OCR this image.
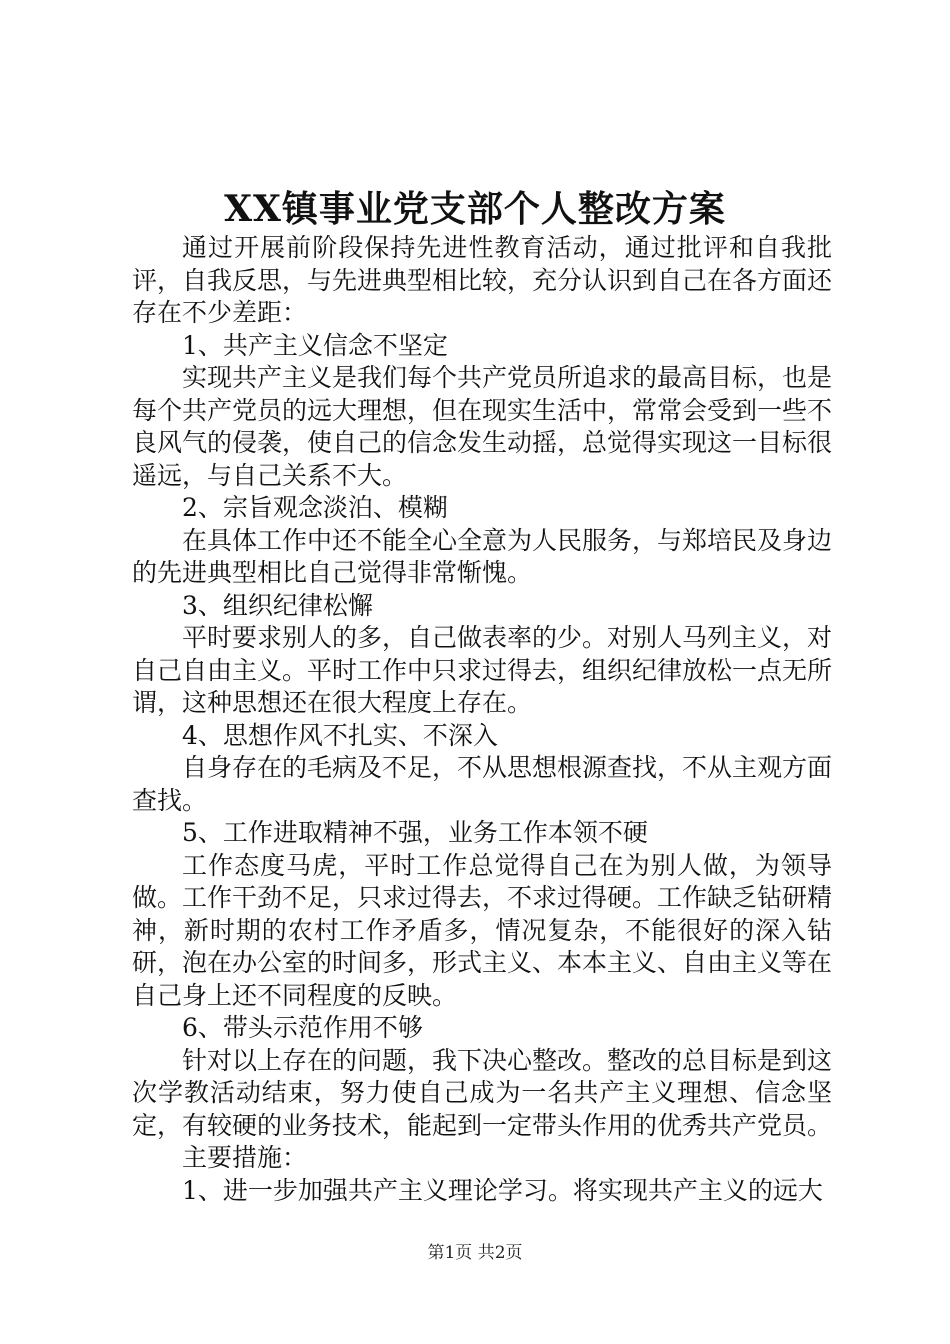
XX镇事业党支部个人整改方案

通过开展前阶段保持先进性教育活动，通过批评和自我批评，自我反思，与先进典型相比较，充分认识到自己在各方面还存在不少差距：

1、共产主义信念不坚定

实现共产主义是我们每个共产党员所追求的最高目标，也是每个共产党员的远大理想，但在现实生活中，常常会受到一些不良风气的侵袭，使自己的信念发生动摇，总觉得实现这一目标很遥远，与自己关系不大。

2、宗旨观念淡泊、模糊

在具体工作中还不能全心全意为人民服务，与郑培民及身边的先进典型相比自己觉得非常惭愧。

3、组织纪律松懈

平时要求别人的多，自己做表率的少。对别人马列主义，对自己自由主义。平时工作中只求过得去，组织纪律放松一点无所谓，这种思想还在很大程度上存在。

4、思想作风不扎实、不深入

自身存在的毛病及不足，不从思想根源查找，不从主观方面查找。

5、工作进取精神不强，业务工作本领不硬

工作态度马虎，平时工作总觉得自己在为别人做，为领导做。工作干劲不足，只求过得去，不求过得硬。工作缺乏钻研精神，新时期的农村工作矛盾多，情况复杂，不能很好的深入钻研，泡在办公室的时间多，形式主义、本本主义、自由主义等在自己身上还不同程度的反映。

6、带头示范作用不够

针对以上存在的问题，我下决心整改。整改的总目标是到这次学教活动结束，努力使自己成为一名共产主义理想、信念坚定，有较硬的业务技术，能起到一定带头作用的优秀共产党员。

主要措施：

1、进一步加强共产主义理论学习。将实现共产主义的远大

第1页 共2页
